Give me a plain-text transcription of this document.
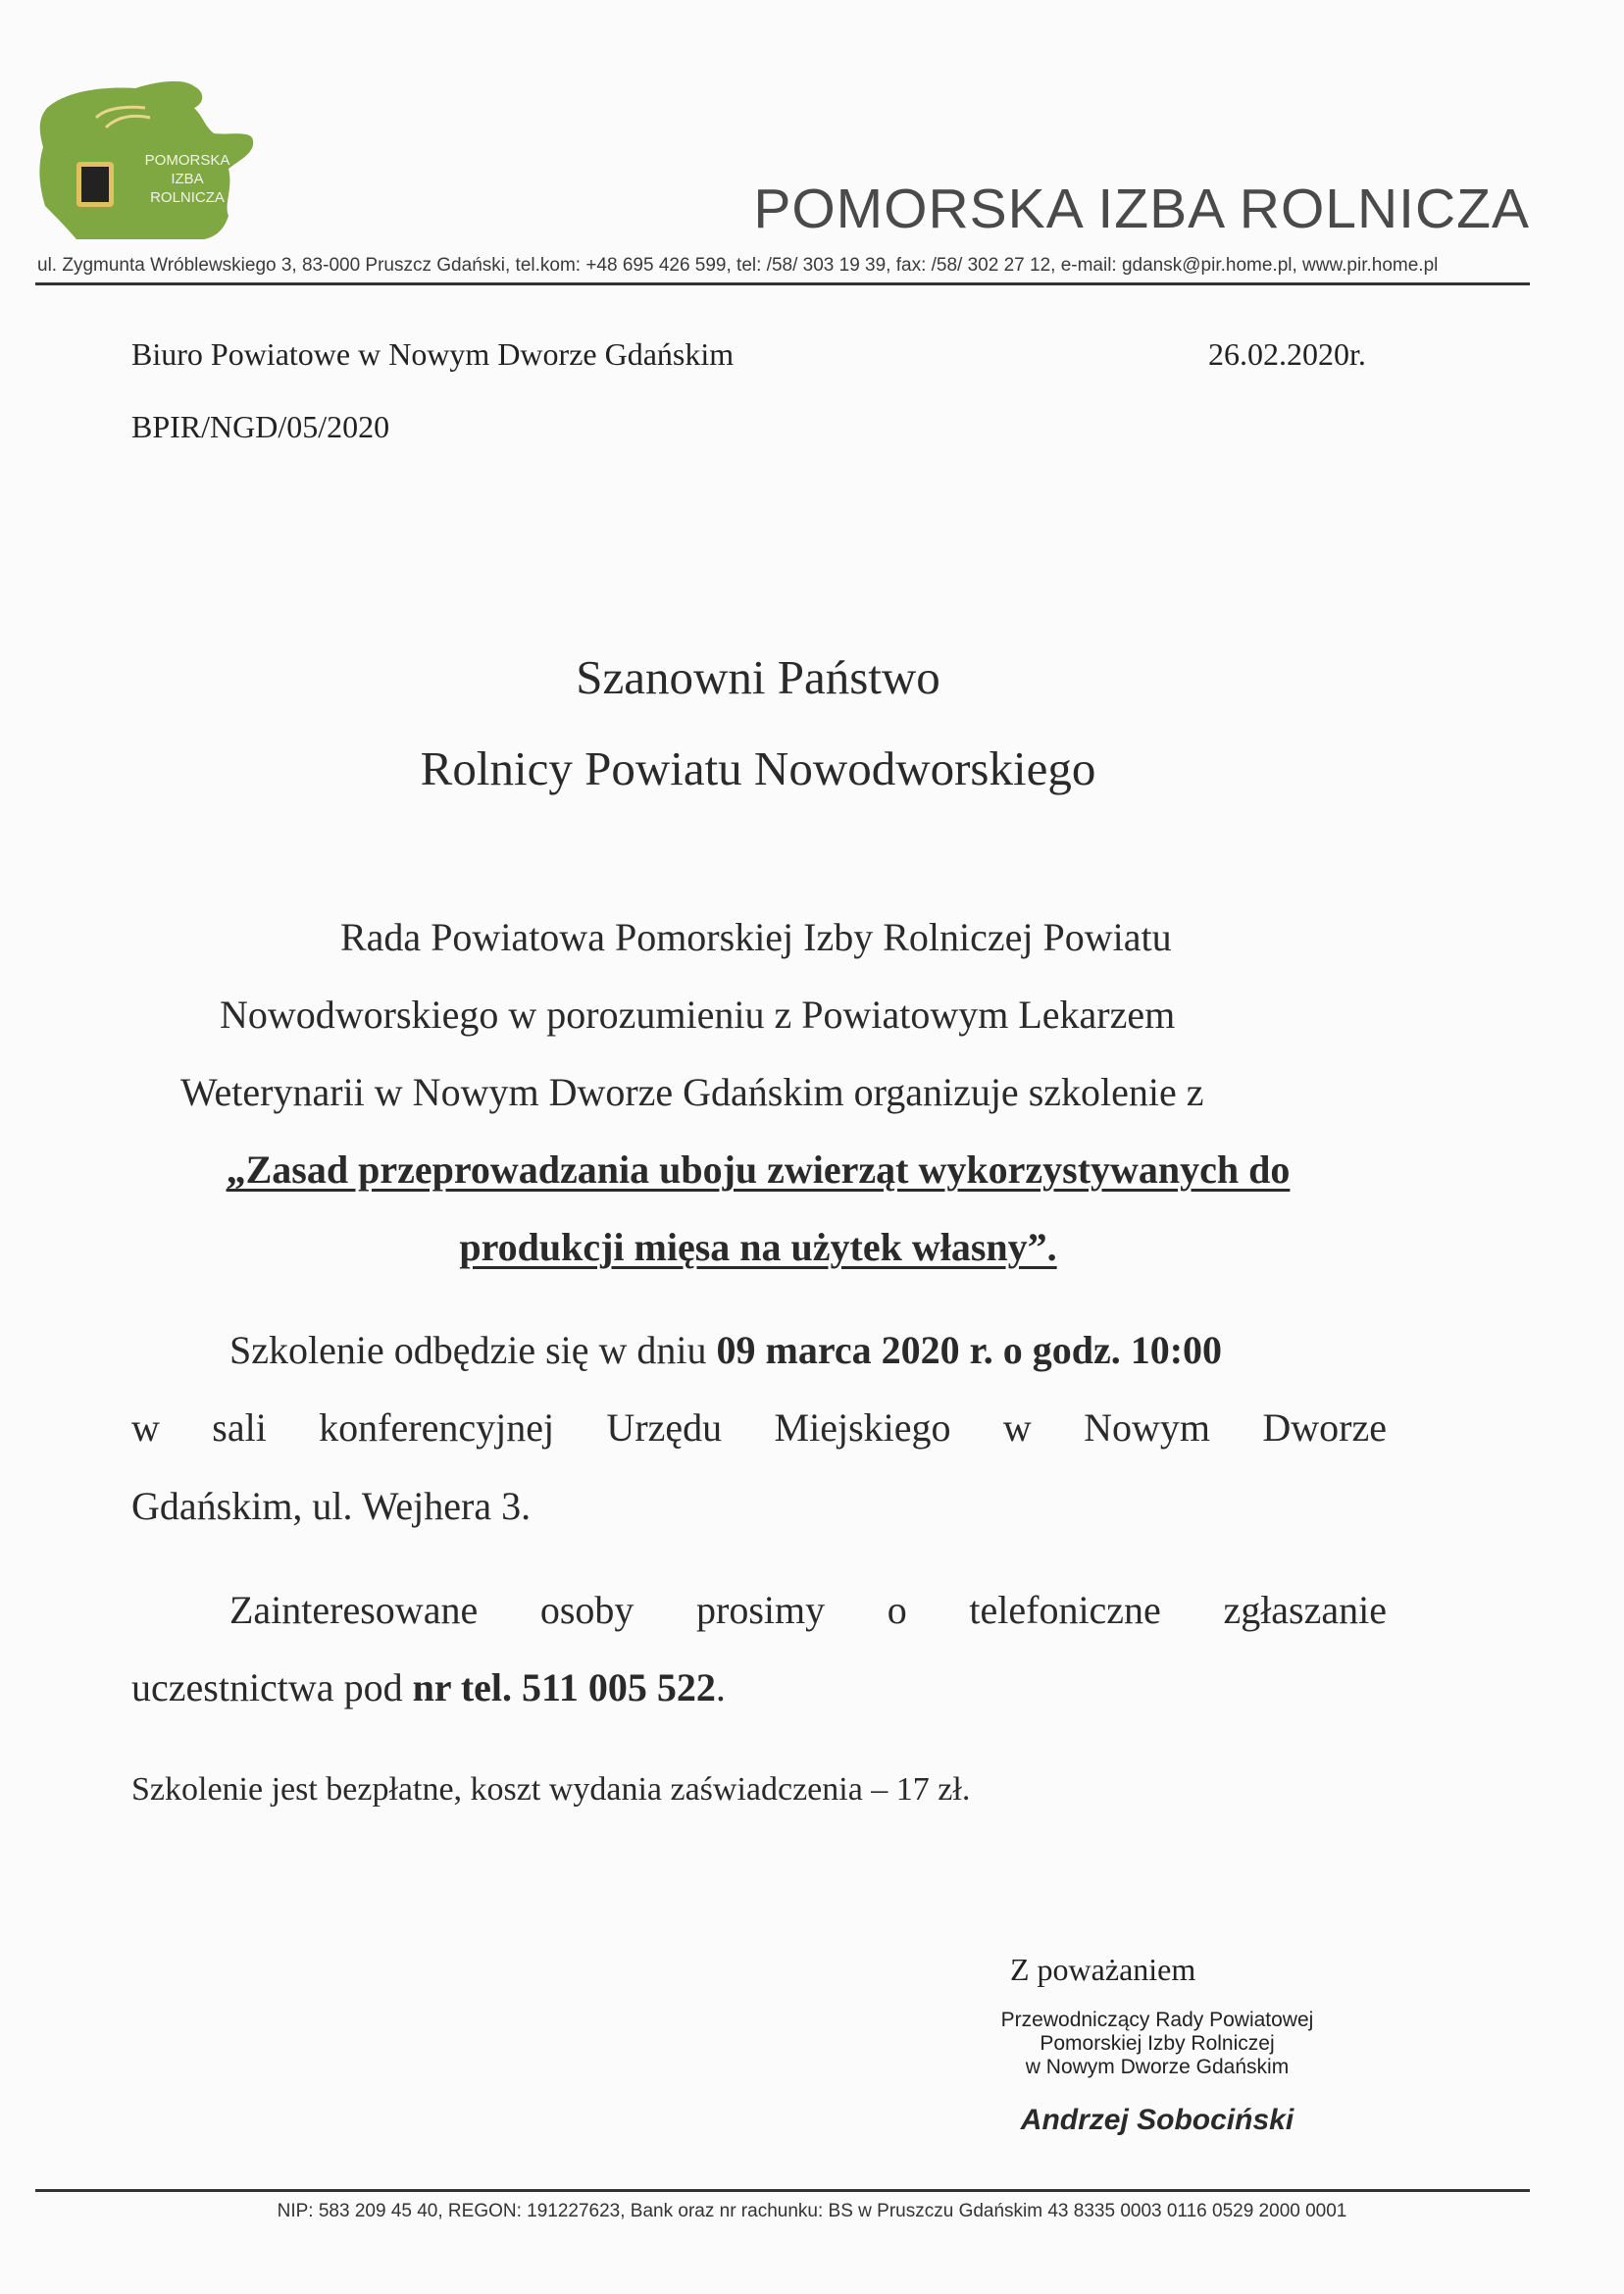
POMORSKA
IZBA
ROLNICZA	POMORSKA IZBA ROLNICZA
ul. Zygmunta Wróblewskiego 3, 83-000 Pruszcz Gdański, tel.kom: +48 695 426 599, tel: /58/ 303 19 39, fax: /58/ 302 27 12, e-mail: gdansk@pir.home.pl, www.pir.home.pl
Biuro Powiatowe w Nowym Dworze Gdańskim	26.02.2020r.
BPIR/NGD/05/2020
Szanowni Państwo
Rolnicy Powiatu Nowodworskiego
Rada Powiatowa Pomorskiej Izby Rolniczej Powiatu
Nowodworskiego w porozumieniu z Powiatowym Lekarzem
Weterynarii w Nowym Dworze Gdańskim organizuje szkolenie z
„Zasad przeprowadzania uboju zwierząt wykorzystywanych do
produkcji mięsa na użytek własny”.
Szkolenie odbędzie się w dniu 09 marca 2020 r. o godz. 10:00
w sali konferencyjnej Urzędu Miejskiego w Nowym Dworze
Gdańskim, ul. Wejhera 3.
Zainteresowane osoby prosimy o telefoniczne zgłaszanie
uczestnictwa pod nr tel. 511 005 522.
Szkolenie jest bezpłatne, koszt wydania zaświadczenia – 17 zł.
Z poważaniem
Przewodniczący Rady Powiatowej
Pomorskiej Izby Rolniczej
w Nowym Dworze Gdańskim
Andrzej Sobociński
NIP: 583 209 45 40, REGON: 191227623, Bank oraz nr rachunku: BS w Pruszczu Gdańskim 43 8335 0003 0116 0529 2000 0001
